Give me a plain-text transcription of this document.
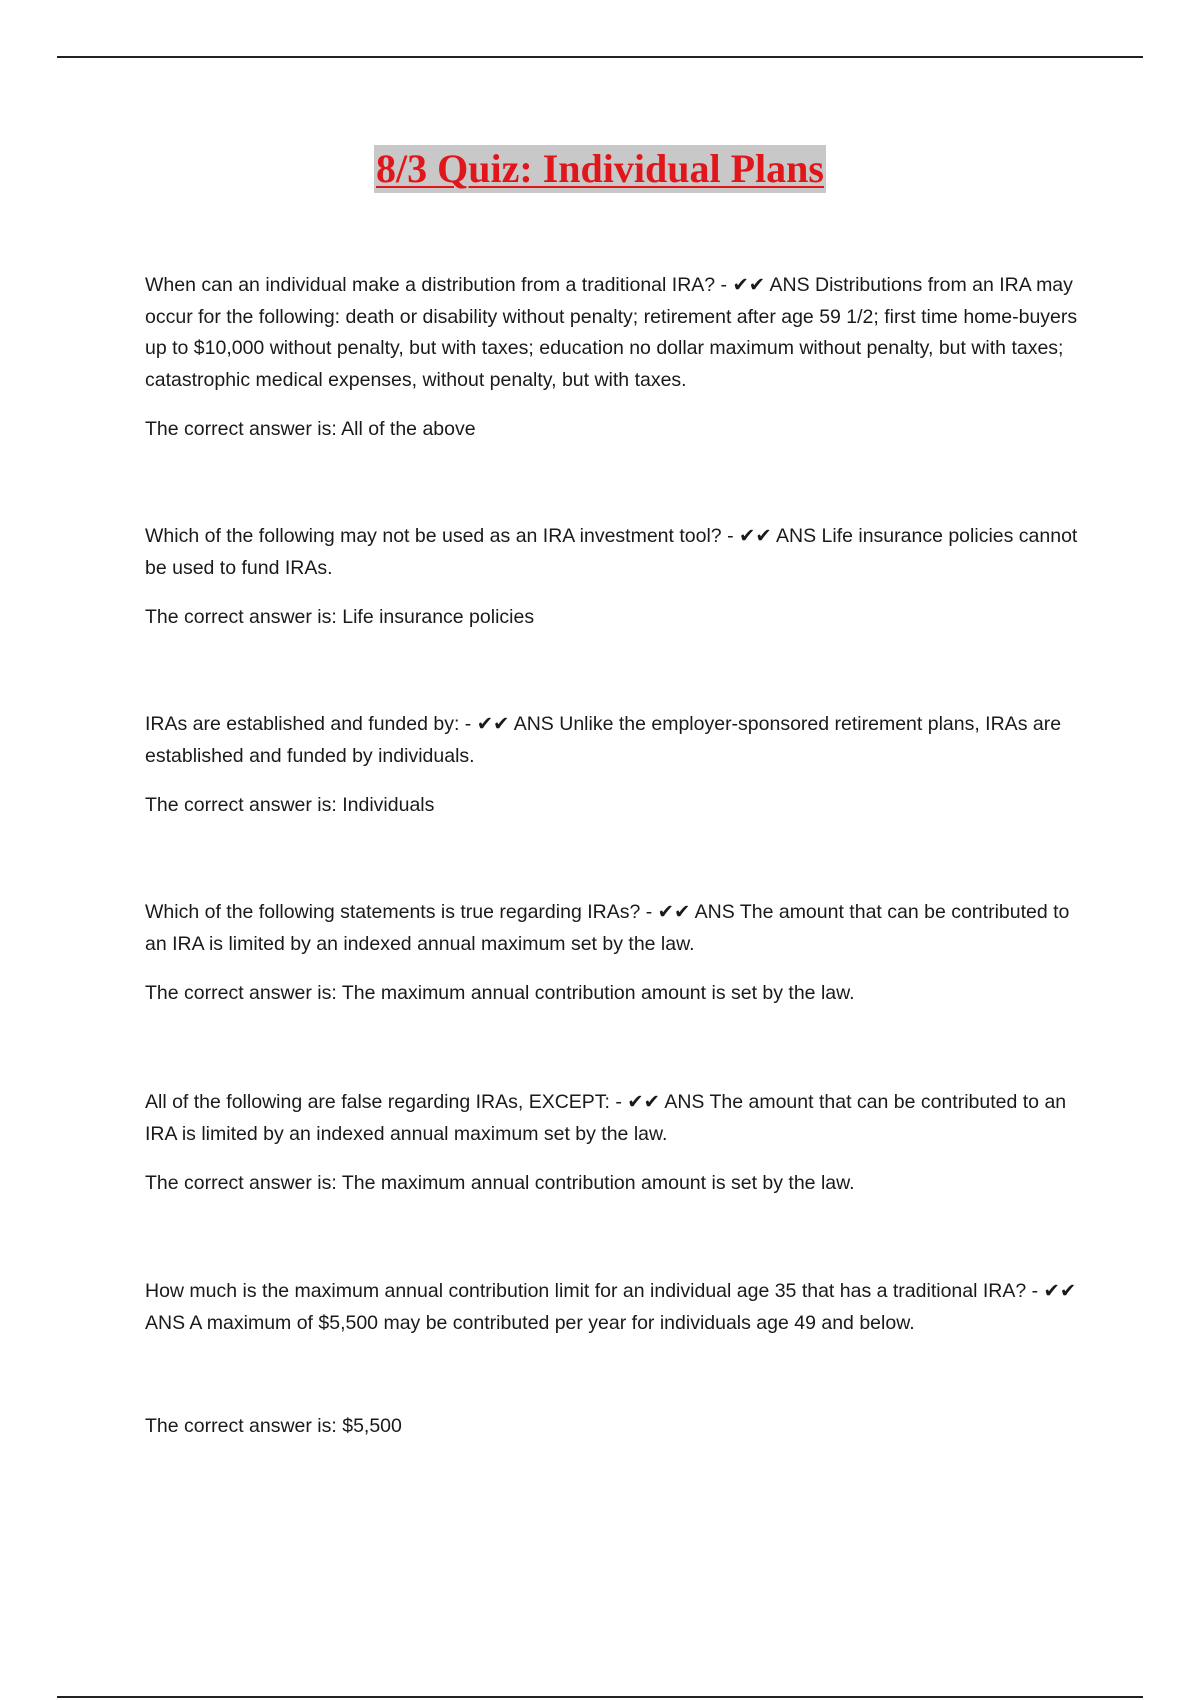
8/3 Quiz: Individual Plans

When can an individual make a distribution from a traditional IRA? - ✔✔ ANS Distributions from an IRA may occur for the following: death or disability without penalty; retirement after age 59 1/2; first time home-buyers up to $10,000 without penalty, but with taxes; education no dollar maximum without penalty, but with taxes; catastrophic medical expenses, without penalty, but with taxes.

The correct answer is: All of the above

Which of the following may not be used as an IRA investment tool? - ✔✔ ANS Life insurance policies cannot be used to fund IRAs.

The correct answer is: Life insurance policies

IRAs are established and funded by: - ✔✔ ANS Unlike the employer-sponsored retirement plans, IRAs are established and funded by individuals.

The correct answer is: Individuals

Which of the following statements is true regarding IRAs? - ✔✔ ANS The amount that can be contributed to an IRA is limited by an indexed annual maximum set by the law.

The correct answer is: The maximum annual contribution amount is set by the law.

All of the following are false regarding IRAs, EXCEPT: - ✔✔ ANS The amount that can be contributed to an IRA is limited by an indexed annual maximum set by the law.

The correct answer is: The maximum annual contribution amount is set by the law.

How much is the maximum annual contribution limit for an individual age 35 that has a traditional IRA? - ✔✔ ANS A maximum of $5,500 may be contributed per year for individuals age 49 and below.

The correct answer is: $5,500
